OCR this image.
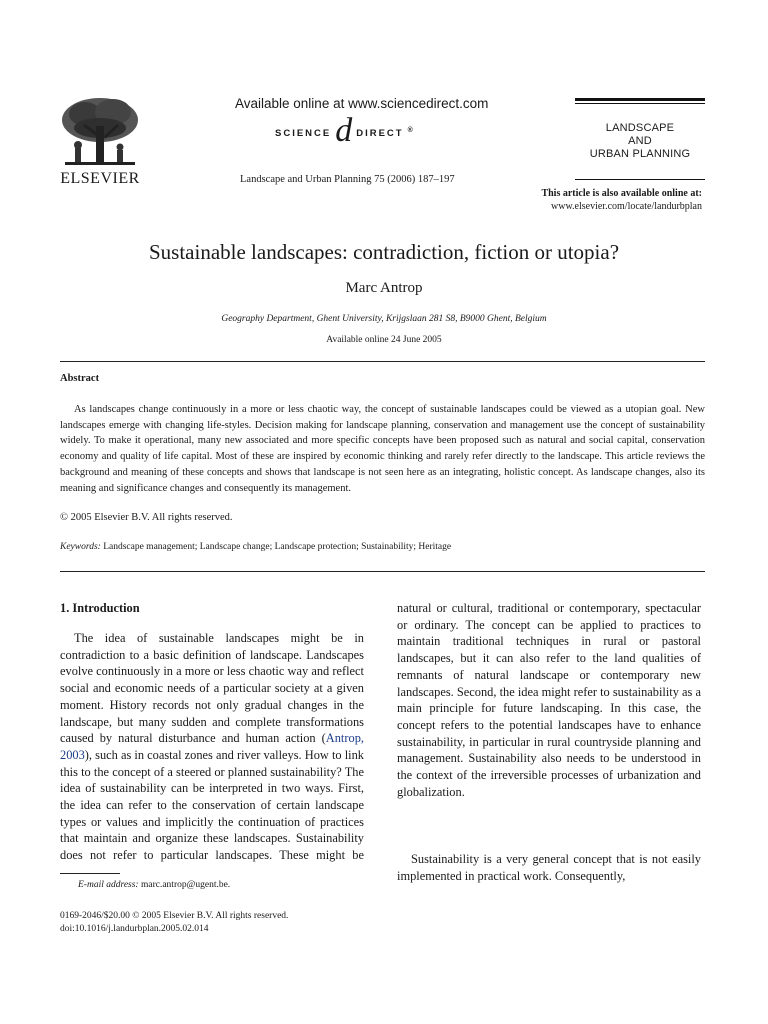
ELSEVIER
Available online at www.sciencedirect.com
SCIENCE d DIRECT ®
Landscape and Urban Planning 75 (2006) 187–197
LANDSCAPE
AND
URBAN PLANNING
This article is also available online at:
www.elsevier.com/locate/landurbplan
Sustainable landscapes: contradiction, fiction or utopia?
Marc Antrop
Geography Department, Ghent University, Krijgslaan 281 S8, B9000 Ghent, Belgium
Available online 24 June 2005
Abstract

As landscapes change continuously in a more or less chaotic way, the concept of sustainable landscapes could be viewed as a utopian goal. New landscapes emerge with changing life-styles. Decision making for landscape planning, conservation and management use the concept of sustainability widely. To make it operational, many new associated and more specific concepts have been proposed such as natural and social capital, conservation economy and quality of life capital. Most of these are inspired by economic thinking and rarely refer directly to the landscape. This article reviews the background and meaning of these concepts and shows that landscape is not seen here as an integrating, holistic concept. As landscape changes, also its meaning and significance changes and consequently its management.

© 2005 Elsevier B.V. All rights reserved.
Keywords: Landscape management; Landscape change; Landscape protection; Sustainability; Heritage
1. Introduction

The idea of sustainable landscapes might be in contradiction to a basic definition of landscape. Landscapes evolve continuously in a more or less chaotic way and reflect social and economic needs of a particular society at a given moment. History records not only gradual changes in the landscape, but many sudden and complete transformations caused by natural disturbance and human action (Antrop, 2003), such as in coastal zones and river valleys. How to link this to the concept of a steered or planned sustainability? The idea of sustainability can be interpreted in two ways. First, the idea can refer to the conservation of certain landscape types or values and implicitly the continuation of practices that maintain and organize these landscapes. Sustainability does not refer to particular landscapes. These might be

natural or cultural, traditional or contemporary, spectacular or ordinary. The concept can be applied to practices to maintain traditional techniques in rural or pastoral landscapes, but it can also refer to the land qualities of remnants of natural landscape or contemporary new landscapes. Second, the idea might refer to sustainability as a main principle for future landscaping. In this case, the concept refers to the potential landscapes have to enhance sustainability, in particular in rural countryside planning and management. Sustainability also needs to be understood in the context of the irreversible processes of urbanization and globalization.

Sustainability is a very general concept that is not easily implemented in practical work. Consequently,

E-mail address: marc.antrop@ugent.be.
0169-2046/$20.00 © 2005 Elsevier B.V. All rights reserved.
doi:10.1016/j.landurbplan.2005.02.014
